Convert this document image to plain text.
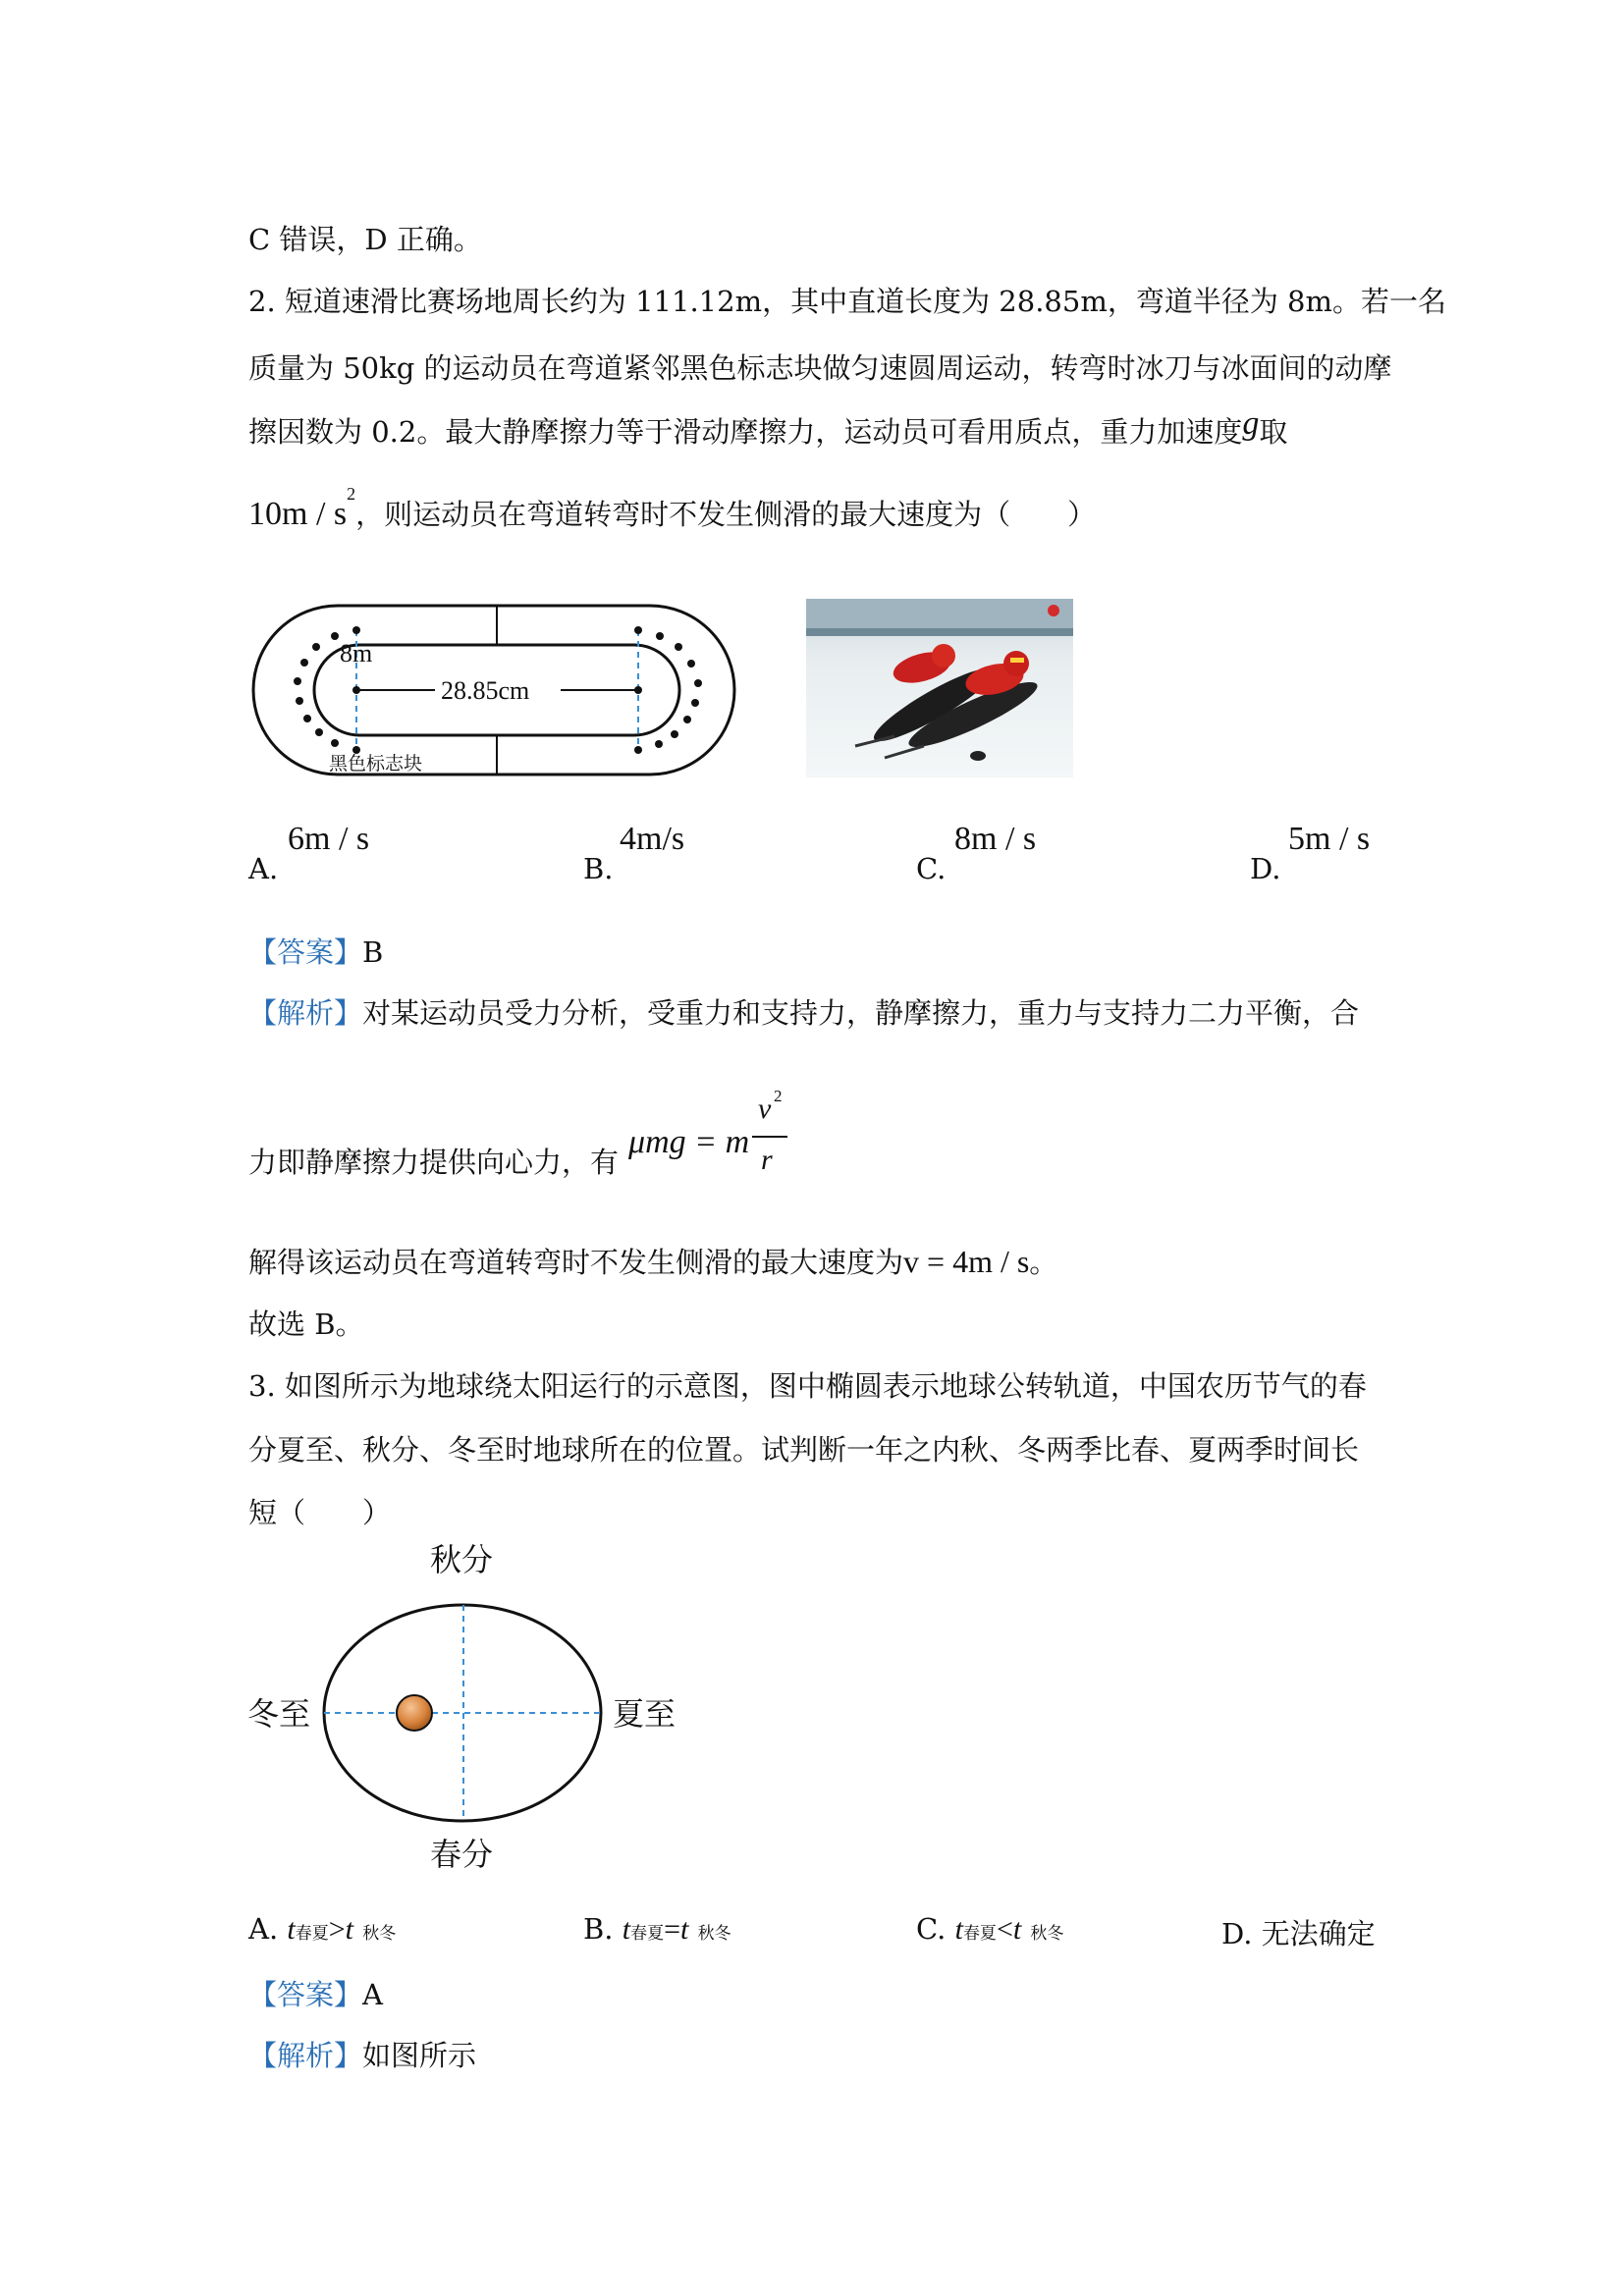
C 错误，D 正确。
2. 短道速滑比赛场地周长约为 111.12m，其中直道长度为 28.85m，弯道半径为 8m。若一名
质量为 50kg 的运动员在弯道紧邻黑色标志块做匀速圆周运动，转弯时冰刀与冰面间的动摩
擦因数为 0.2。最大静摩擦力等于滑动摩擦力，运动员可看用质点，重力加速度g取
$10m / s^2$，则运动员在弯道转弯时不发生侧滑的最大速度为（　　）
8m
28.85cm
黑色标志块
A.
6m / s
B.
4m/s
C.
8m / s
D.
5m / s
【答案】B
【解析】对某运动员受力分析，受重力和支持力，静摩擦力，重力与支持力二力平衡，合
力即静摩擦力提供向心力，有
μmg = m
v 2
r
解得该运动员在弯道转弯时不发生侧滑的最大速度为v = 4m / s。
故选 B。
3. 如图所示为地球绕太阳运行的示意图，图中椭圆表示地球公转轨道，中国农历节气的春
分夏至、秋分、冬至时地球所在的位置。试判断一年之内秋、冬两季比春、夏两季时间长
短（　　）
秋分
冬至	夏至
春分
A. t春夏>t 秋冬	B. t春夏=t 秋冬	C. t春夏<t 秋冬	D. 无法确定
【答案】A
【解析】如图所示
